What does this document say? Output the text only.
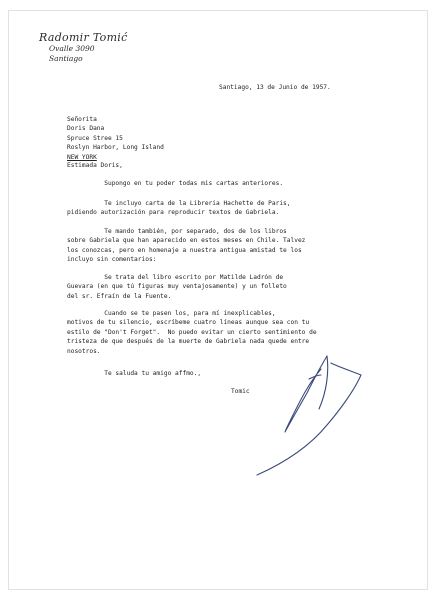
Radomir Tomić
Ovalle 3090
Santiago
Santiago, 13 de Junio de 1957.
Señorita
Doris Dana
Spruce Stree 15
Roslyn Harbor, Long Island
NEW YORK
Estimada Doris,
Supongo en tu poder todas mis cartas anteriores.
Te incluyo carta de la Libreria Hachette de Paris,
pidiendo autorización para reproducir textos de Gabriela.
Te mando también, por separado, dos de los libros
sobre Gabriela que han aparecido en estos meses en Chile. Talvez
los conozcas, pero en homenaje a nuestra antigua amistad te los
incluyo sin comentarios:
Se trata del libro escrito por Matilde Ladrón de
Guevara (en que tú figuras muy ventajosamente) y un folleto
del sr. Efraín de la Fuente.
Cuando se te pasen los, para mí inexplicables,
motivos de tu silencio, escríbeme cuatro líneas aunque sea con tu
estilo de "Don't Forget".  No puedo evitar un cierto sentimiento de
tristeza de que después de la muerte de Gabriela nada quede entre
nosotros.
Te saluda tu amigo affmo.,
Tomic
